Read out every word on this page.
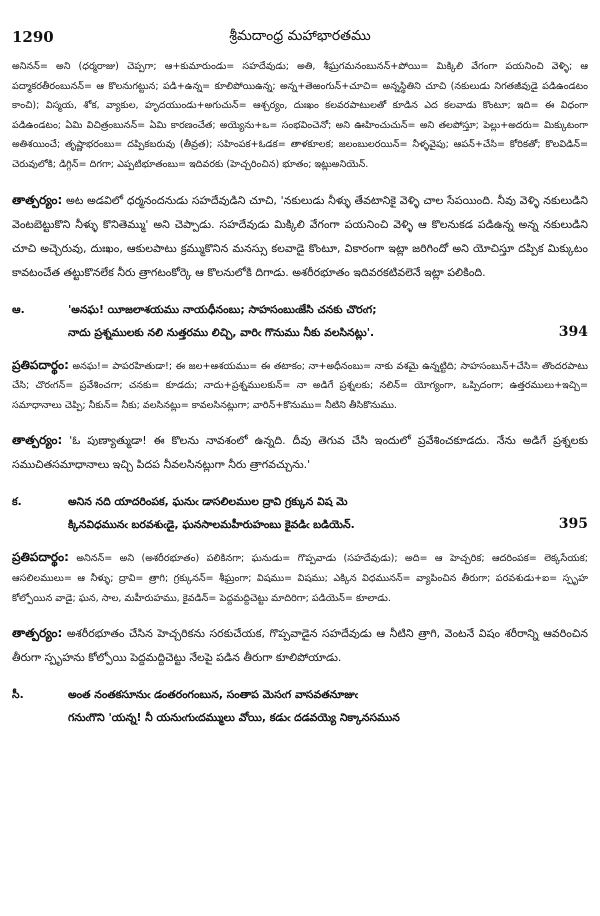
1290	శ్రీమదాంధ్ర మహాభారతము

అనినన్= అని (ధర్మరాజు) చెప్పగా; ఆ+కుమారుండు= సహదేవుడు; అతి, శీఘ్రగమనంబునన్+పోయి= మిక్కిలి వేగంగా పయనించి వెళ్ళి; ఆ పద్మాకరతీరంబునన్= ఆ కొలనుగట్టున; పడి+ఉన్న= కూలిపోయిఉన్న; అన్న+తెఱంగున్+చూచి= అన్నస్థితిని చూచి (నకులుడు నిగతజీవుడై పడిఉండటం కాంచి); విస్మయ, శోక, వ్యాకుల, హృదయుండు+అగుచున్= ఆశ్చర్యం, దుఃఖం కలవరపాటులతో కూడిన ఎద కలవాడు కొంటూ; ఇది= ఈ విధంగా పడిఉండటం; ఏమి విచిత్రంబునన్= ఏమి కారణంచేత; అయ్యెను+ఒ= సంభవించెనో; అని ఊహించుచున్= అని తలపోస్తూ; పెల్లు+అదరు= మిక్కుటంగా అతిశయించే; తృష్ణాభరంబు= దప్పికబరువు (తీవ్రత); సహింపక+ఓడక= తాళకూలక; జలంబులరయిన్= నీళ్ళవైపు; ఆపన్+చేసి= కోరికతో; కొలవిడిన్= చెరువులోకి; డిగ్గిన్= దిగగా; ఎప్పటిభూతంబు= ఇదివరకు (హెచ్చరించిన) భూతం; ఇట్లుఅనియెన్.

తాత్పర్యం: అట అడవిలో ధర్మనందనుడు సహదేవుడిని చూచి, 'నకులుడు నీళ్ళు తేవటానికై వెళ్ళి చాల సేపయింది. నీవు వెళ్ళి నకులుడిని వెంటబెట్టుకొని నీళ్ళు కొనితెమ్ము' అని చెప్పాడు. సహదేవుడు మిక్కిలి వేగంగా పయనించి వెళ్ళి ఆ కొలనుకడ పడిఉన్న అన్న నకులుడిని చూచి అచ్చెరువు, దుఃఖం, ఆకులపాటు క్రమ్ముకొనిన మనస్సు కలవాడై కొంటూ, వికారంగా ఇట్లా జరిగిందో అని యోచిస్తూ దప్పిక మిక్కుటం కావటంచేత తట్టుకొనలేక నీరు త్రాగటంకోర్కె ఆ కొలనులోకి దిగాడు. అశరీరభూతం ఇదివరకటివలెనే ఇట్లా పలికింది.

ఆ.	'అనఘ! యీజలాశయము నాయధీనంబు; సాహసంబుఁజేసి చనకు చొరఁగ;
నాదు ప్రశ్నములకు నలి నుత్తరము లిచ్చి, వారిఁ గొనుము నీకు వలసినట్లు'.	394

ప్రతిపదార్థం: అనఘ!= పాపరహితుడా!; ఈ జల+ఆశయము= ఈ తటాకం; నా+అధీనంబు= నాకు వశమై ఉన్నట్టిది; సాహసంబున్+చేసి= తొందరపాటు చేసి; చొరఁగన్= ప్రవేశించగా; చనకు= కూడదు; నాదు+ప్రశ్నములకున్= నా అడిగే ప్రశ్నలకు; నలిన్= యోగ్యంగా, ఒప్పిదంగా; ఉత్తరములు+ఇచ్చి= సమాధానాలు చెప్పి; నీకున్= నీకు; వలసినట్లు= కావలసినట్లుగా; వారిన్+కొనుము= నీటిని తీసికొనుము.

తాత్పర్యం: 'ఓ పుణ్యాత్ముడా! ఈ కొలను నావశంలో ఉన్నది. దీవు తెగువ చేసి ఇందులో ప్రవేశించకూడదు. నేను అడిగే ప్రశ్నలకు సముచితసమాధానాలు ఇచ్చి పిదప నీవలసినట్లుగా నీరు త్రాగవచ్చును.'

క.	అనిన నది యాదరింపక, ఘనుఁ డాసలిలముల ద్రావి గ్రక్కున విష మె
క్కినవిధమునఁ బరవశుఁడై, ఘనసాలమహీరుహంబు కైవడిఁ బడియెన్.	395

ప్రతిపదార్థం: అనినన్= అని (అశరీరభూతం) పలికినగా; ఘనుడు= గొప్పవాడు (సహదేవుడు); అది= ఆ హెచ్చరిక; ఆదరింపక= లెక్కసేయక; ఆసలిలములు= ఆ నీళ్ళు; ద్రావి= త్రాగి; గ్రక్కునన్= శీఘ్రంగా; విషము= విషము; ఎక్కిన విధమునన్= వ్యాపించిన తీరుగా; పరవశుడు+ఐ= స్పృహ కోల్పోయిన వాడై; ఘన, సాల, మహీరుహము, కైవడిన్= పెద్దమద్దిచెట్టు మాదిరిగా; పడియెన్= కూలాడు.

తాత్పర్యం: అశరీరభూతం చేసిన హెచ్చరికను సరకుచేయక, గొప్పవాడైన సహదేవుడు ఆ నీటిని త్రాగి, వెంటనే విషం శరీరాన్ని ఆవరించిన తీరుగా స్పృహను కోల్పోయి పెద్దమద్దిచెట్టు నేలపై పడిన తీరుగా కూలిపోయాడు.

సీ.	అంత నంతకసూనుఁ డంతరంగంబున, సంతాప మెసఁగ వాసవతనూజుఁ
గనుఁగొని 'యన్న! నీ యనుఁగుఁదమ్ములు వోయి, కడుఁ దడవయ్యె నిక్కానసమున
